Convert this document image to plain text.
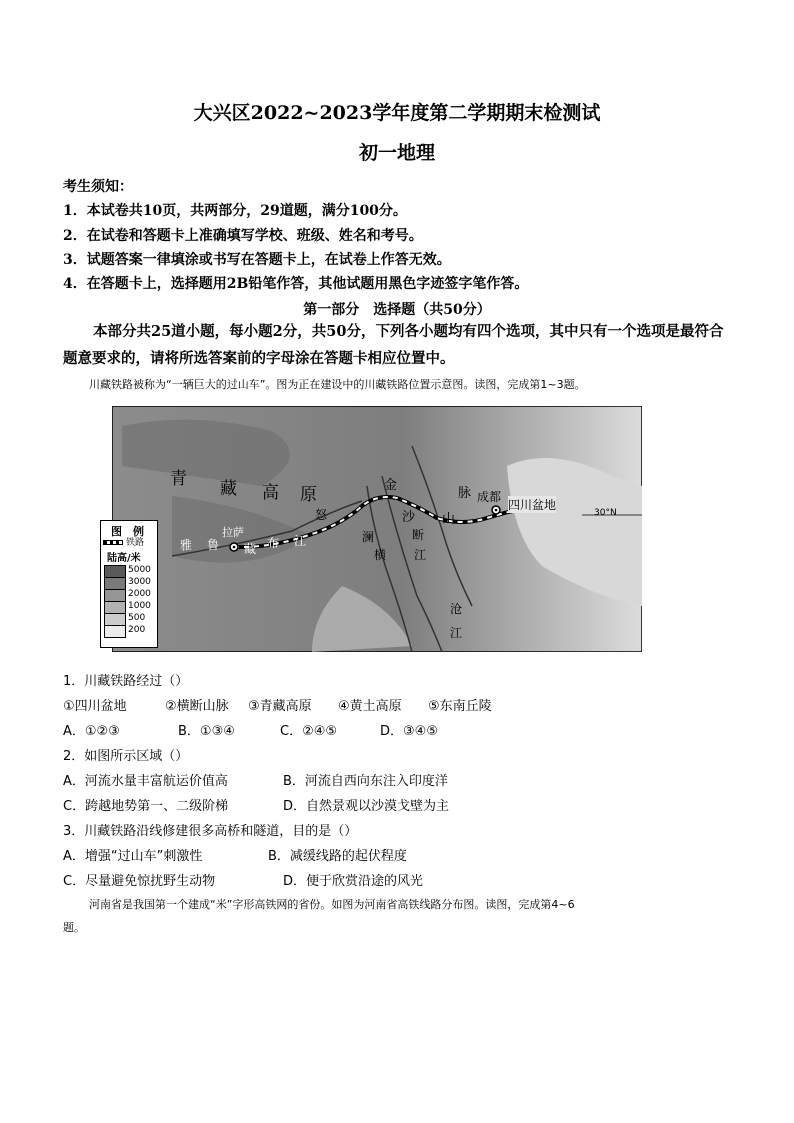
大兴区2022~2023学年度第二学期期末检测试
初一地理
考生须知：
1．本试卷共10页，共两部分，29道题，满分100分。
2．在试卷和答题卡上准确填写学校、班级、姓名和考号。
3．试题答案一律填涂或书写在答题卡上，在试卷上作答无效。
4．在答题卡上，选择题用2B铅笔作答，其他试题用黑色字迹签字笔作答。
第一部分　选择题（共50分）
本部分共25道小题，每小题2分，共50分，下列各小题均有四个选项，其中只有一个选项是最符合题意要求的，请将所选答案前的字母涂在答题卡相应位置中。
川藏铁路被称为“一辆巨大的过山车”。图为正在建设中的川藏铁路位置示意图。读图，完成第1~3题。
青 藏 高 原	金
沙
脉
山
成都
四川盆地
30°N
拉萨
雅 鲁 藏 布 江
怒
澜
横
断
江
沧
江
图　例
铁路
陆高/米
5000
3000
2000
1000
500
200
1．川藏铁路经过（）
①四川盆地	②横断山脉 ③青藏高原 ④黄土高原 ⑤东南丘陵
A．①②③	B．①③④	C．②④⑤	D．③④⑤
2．如图所示区域（）
A．河流水量丰富航运价值高	B．河流自西向东注入印度洋
C．跨越地势第一、二级阶梯	D．自然景观以沙漠戈壁为主
3．川藏铁路沿线修建很多高桥和隧道，目的是（）
A．增强“过山车”刺激性	B．减缓线路的起伏程度
C．尽量避免惊扰野生动物	D．便于欣赏沿途的风光
河南省是我国第一个建成“米”字形高铁网的省份。如图为河南省高铁线路分布图。读图，完成第4~6
题。
